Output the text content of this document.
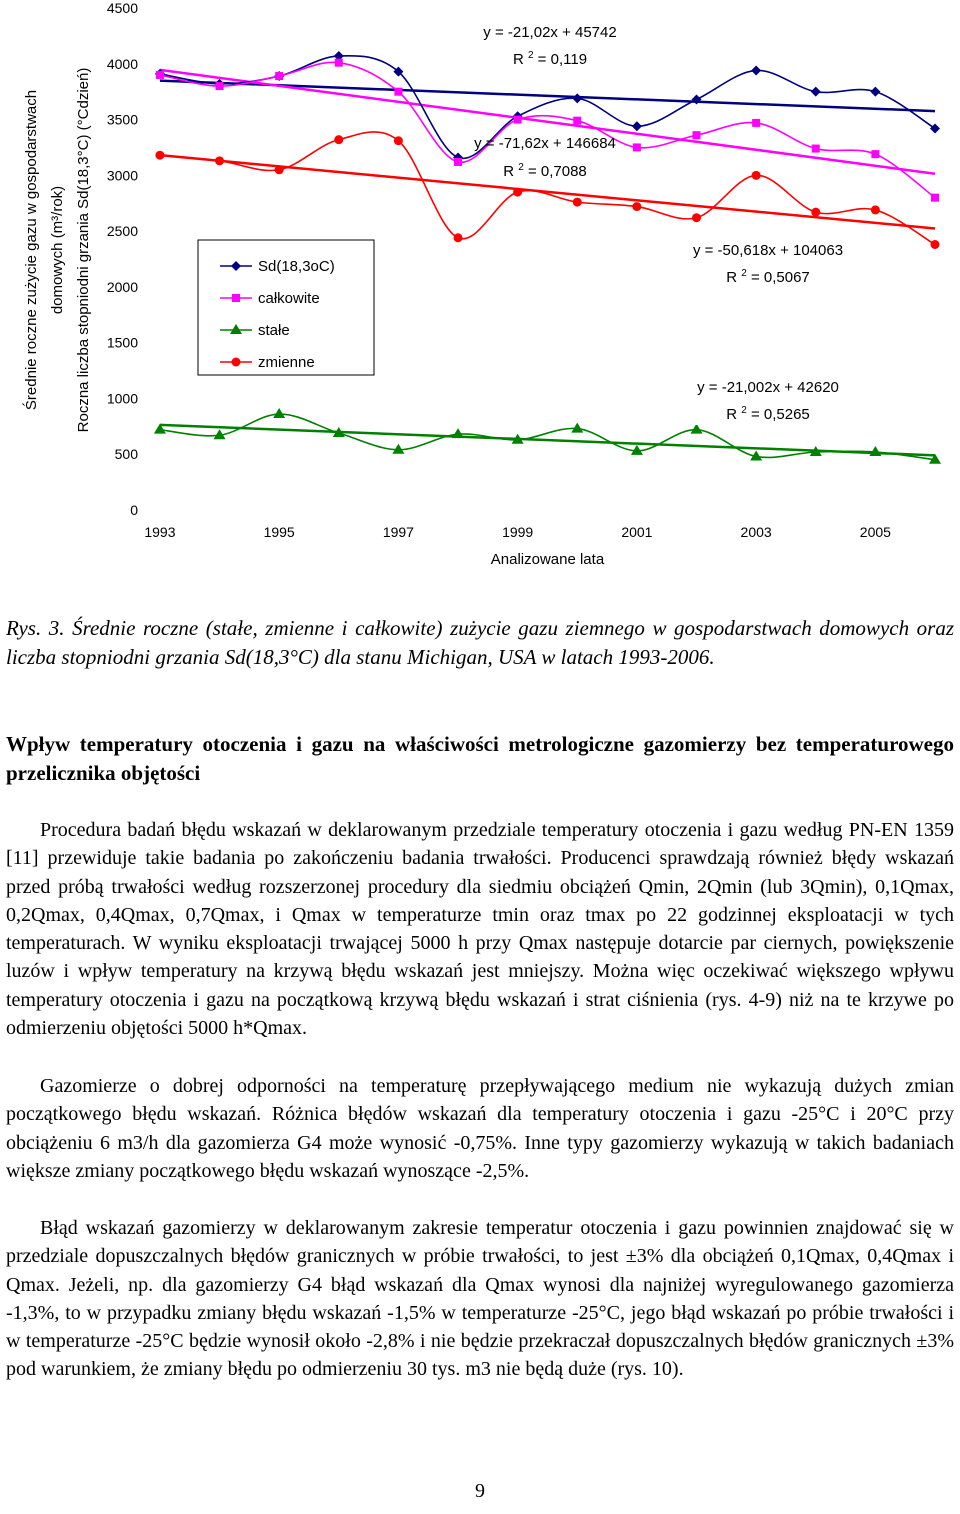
0
500
1000
1500
2000
2500
3000
3500
4000
4500
1993	1995	1997	1999	2001	2003	2005
Analizowane lata
Średnie roczne zużycie gazu w gospodarstwach domowych (m³/rok) Roczna liczba stopniodni grzania Sd(18,3°C) (°Cdzień)	Sd(18,3oC)
całkowite
stałe
zmienne
y = -21,02x + 45742
R $^2$ = 0,119
y = -71,62x + 146684
R $^2$ = 0,7088
y = -50,618x + 104063
R $^2$ = 0,5067
y = -21,002x + 42620
R $^2$ = 0,5265
Rys. 3. Średnie roczne (stałe, zmienne i całkowite) zużycie gazu ziemnego w gospodarstwach domowych oraz liczba stopniodni grzania Sd(18,3°C) dla stanu Michigan, USA w latach 1993-2006.
Wpływ temperatury otoczenia i gazu na właściwości metrologiczne gazomierzy bez temperaturowego przelicznika objętości

Procedura badań błędu wskazań w deklarowanym przedziale temperatury otoczenia i gazu według PN-EN 1359 [11] przewiduje takie badania po zakończeniu badania trwałości. Producenci sprawdzają również błędy wskazań przed próbą trwałości według rozszerzonej procedury dla siedmiu obciążeń Qmin, 2Qmin (lub 3Qmin), 0,1Qmax, 0,2Qmax, 0,4Qmax, 0,7Qmax, i Qmax w temperaturze tmin oraz tmax po 22 godzinnej eksploatacji w tych temperaturach. W wyniku eksploatacji trwającej 5000 h przy Qmax następuje dotarcie par ciernych, powiększenie luzów i wpływ temperatury na krzywą błędu wskazań jest mniejszy. Można więc oczekiwać większego wpływu temperatury otoczenia i gazu na początkową krzywą błędu wskazań i strat ciśnienia (rys. 4-9) niż na te krzywe po odmierzeniu objętości 5000 h*Qmax.

Gazomierze o dobrej odporności na temperaturę przepływającego medium nie wykazują dużych zmian początkowego błędu wskazań. Różnica błędów wskazań dla temperatury otoczenia i gazu -25°C i 20°C przy obciążeniu 6 m3/h dla gazomierza G4 może wynosić -0,75%. Inne typy gazomierzy wykazują w takich badaniach większe zmiany początkowego błędu wskazań wynoszące -2,5%.

Błąd wskazań gazomierzy w deklarowanym zakresie temperatur otoczenia i gazu powinnien znajdować się w przedziale dopuszczalnych błędów granicznych w próbie trwałości, to jest ±3% dla obciążeń 0,1Qmax, 0,4Qmax i Qmax. Jeżeli, np. dla gazomierzy G4 błąd wskazań dla Qmax wynosi dla najniżej wyregulowanego gazomierza -1,3%, to w przypadku zmiany błędu wskazań -1,5% w temperaturze -25°C, jego błąd wskazań po próbie trwałości i w temperaturze -25°C będzie wynosił około -2,8% i nie będzie przekraczał dopuszczalnych błędów granicznych ±3% pod warunkiem, że zmiany błędu po odmierzeniu 30 tys. m3 nie będą duże (rys. 10).

9
